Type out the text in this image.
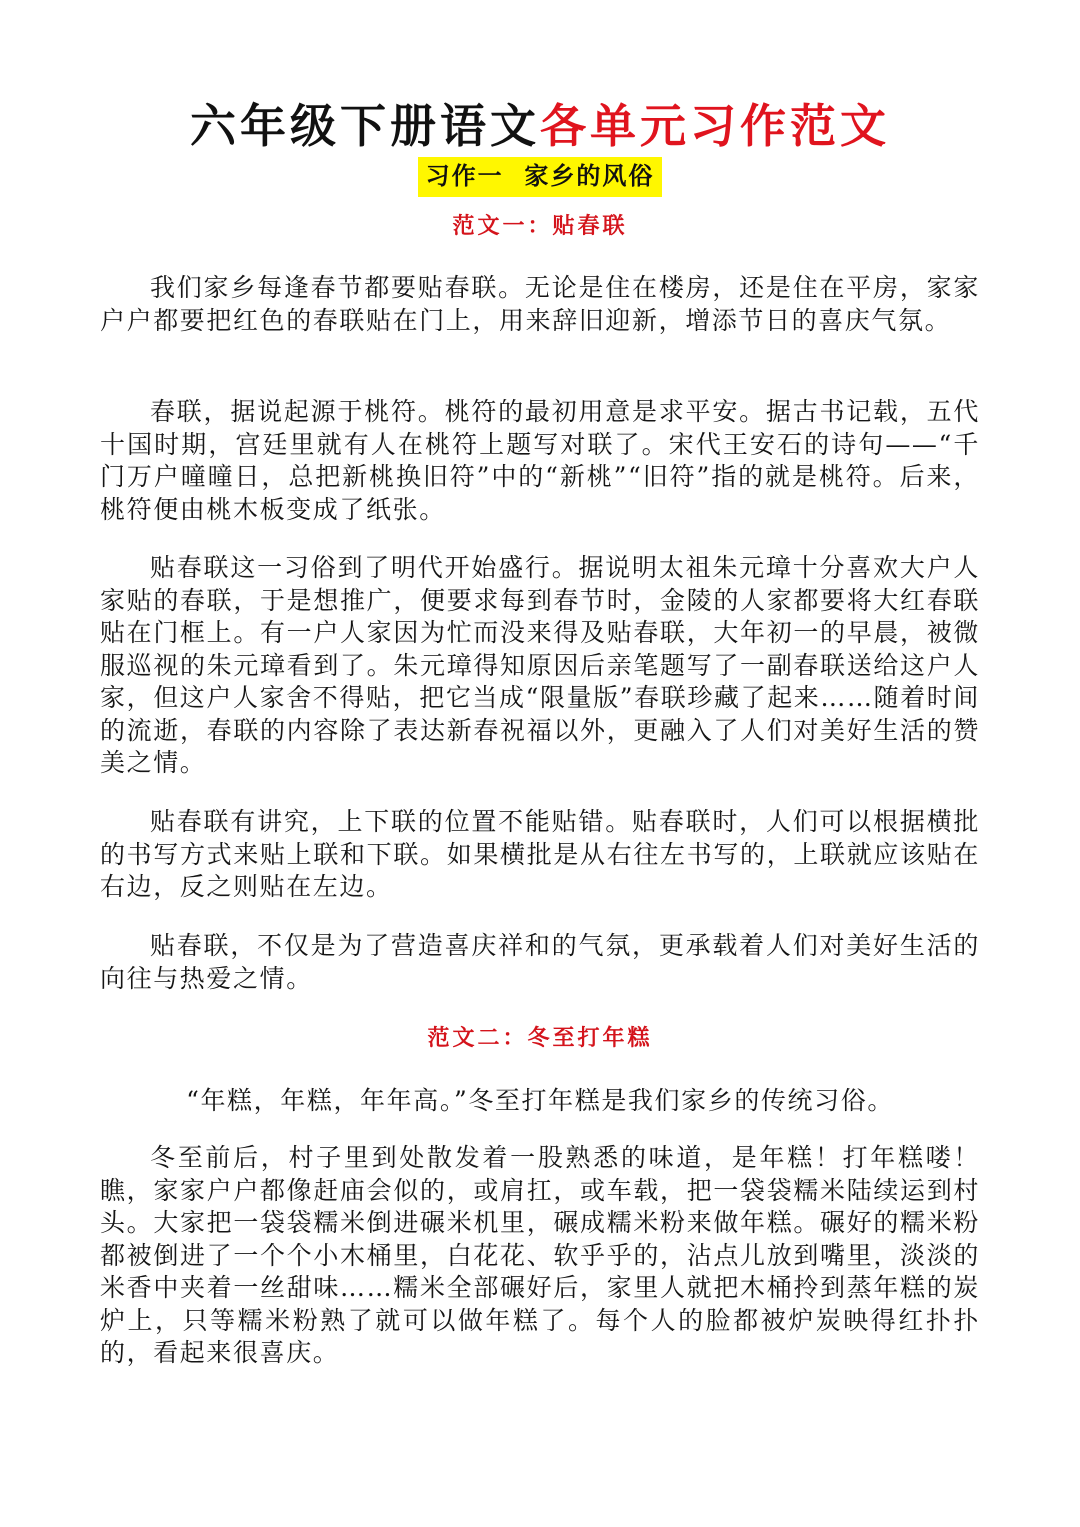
六年级下册语文各单元习作范文
习作一  家乡的风俗
范文一：贴春联

我们家乡每逢春节都要贴春联。无论是住在楼房，还是住在平房，家家户户都要把红色的春联贴在门上，用来辞旧迎新，增添节日的喜庆气氛。

春联，据说起源于桃符。桃符的最初用意是求平安。据古书记载，五代十国时期，宫廷里就有人在桃符上题写对联了。宋代王安石的诗句——“千门万户曈曈日，总把新桃换旧符”中的“新桃”“旧符”指的就是桃符。后来，桃符便由桃木板变成了纸张。

贴春联这一习俗到了明代开始盛行。据说明太祖朱元璋十分喜欢大户人家贴的春联，于是想推广，便要求每到春节时，金陵的人家都要将大红春联贴在门框上。有一户人家因为忙而没来得及贴春联，大年初一的早晨，被微服巡视的朱元璋看到了。朱元璋得知原因后亲笔题写了一副春联送给这户人家，但这户人家舍不得贴，把它当成“限量版”春联珍藏了起来……随着时间的流逝，春联的内容除了表达新春祝福以外，更融入了人们对美好生活的赞美之情。

贴春联有讲究，上下联的位置不能贴错。贴春联时，人们可以根据横批的书写方式来贴上联和下联。如果横批是从右往左书写的，上联就应该贴在右边，反之则贴在左边。

贴春联，不仅是为了营造喜庆祥和的气氛，更承载着人们对美好生活的向往与热爱之情。

范文二：冬至打年糕

“年糕，年糕，年年高。”冬至打年糕是我们家乡的传统习俗。

冬至前后，村子里到处散发着一股熟悉的味道，是年糕！打年糕喽！瞧，家家户户都像赶庙会似的，或肩扛，或车载，把一袋袋糯米陆续运到村头。大家把一袋袋糯米倒进碾米机里，碾成糯米粉来做年糕。碾好的糯米粉都被倒进了一个个小木桶里，白花花、软乎乎的，沾点儿放到嘴里，淡淡的米香中夹着一丝甜味……糯米全部碾好后，家里人就把木桶拎到蒸年糕的炭炉上，只等糯米粉熟了就可以做年糕了。每个人的脸都被炉炭映得红扑扑的，看起来很喜庆。
